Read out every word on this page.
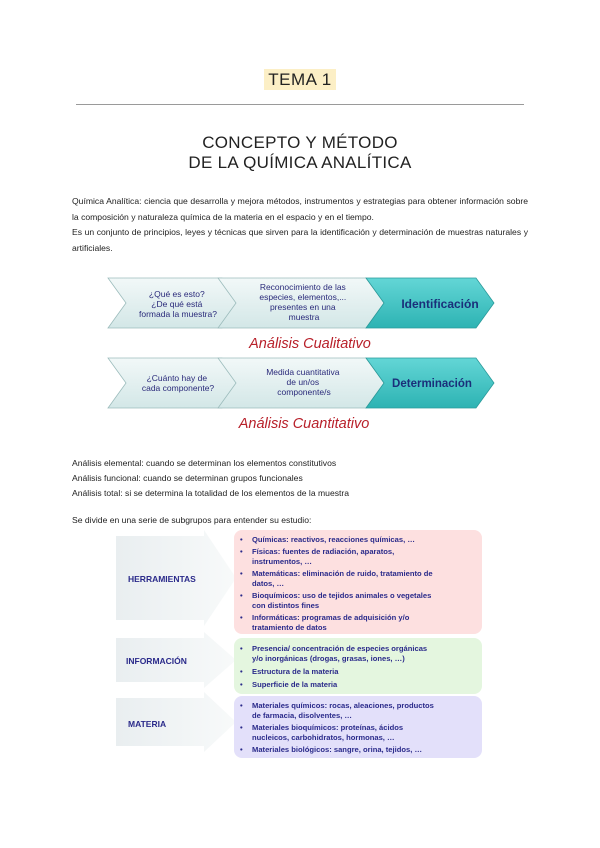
TEMA 1
CONCEPTO Y MÉTODO
DE LA QUÍMICA ANALÍTICA

Química Analítica: ciencia que desarrolla y mejora métodos, instrumentos y estrategias para obtener información sobre la composición y naturaleza química de la materia en el espacio y en el tiempo.

Es un conjunto de principios, leyes y técnicas que sirven para la identificación y determinación de muestras naturales y artificiales.

¿Qué es esto? ¿De qué está formada la muestra?
Reconocimiento de las especies, elementos,... presentes en una muestra
Identificación
Análisis Cualitativo
¿Cuánto hay de cada componente?
Medida cuantitativa de un/os componente/s
Determinación
Análisis Cuantitativo

Análisis elemental: cuando se determinan los elementos constitutivos

Análisis funcional: cuando se determinan grupos funcionales

Análisis total: si se determina la totalidad de los elementos de la muestra

Se divide en una serie de subgrupos para entender su estudio:
HERRAMIENTAS
INFORMACIÓN
MATERIA
• Químicas: reactivos, reacciones químicas, …
• Físicas: fuentes de radiación, aparatos,
instrumentos, …
• Matemáticas: eliminación de ruido, tratamiento de
datos, …
• Bioquímicos: uso de tejidos animales o vegetales
con distintos fines
• Informáticas: programas de adquisición y/o
tratamiento de datos
• Presencia/ concentración de especies orgánicas
y/o inorgánicas (drogas, grasas, iones, …)
• Estructura de la materia
• Superficie de la materia
• Materiales químicos: rocas, aleaciones, productos
de farmacia, disolventes, …
• Materiales bioquímicos: proteínas, ácidos
nucleicos, carbohidratos, hormonas, …
• Materiales biológicos: sangre, orina, tejidos, …
